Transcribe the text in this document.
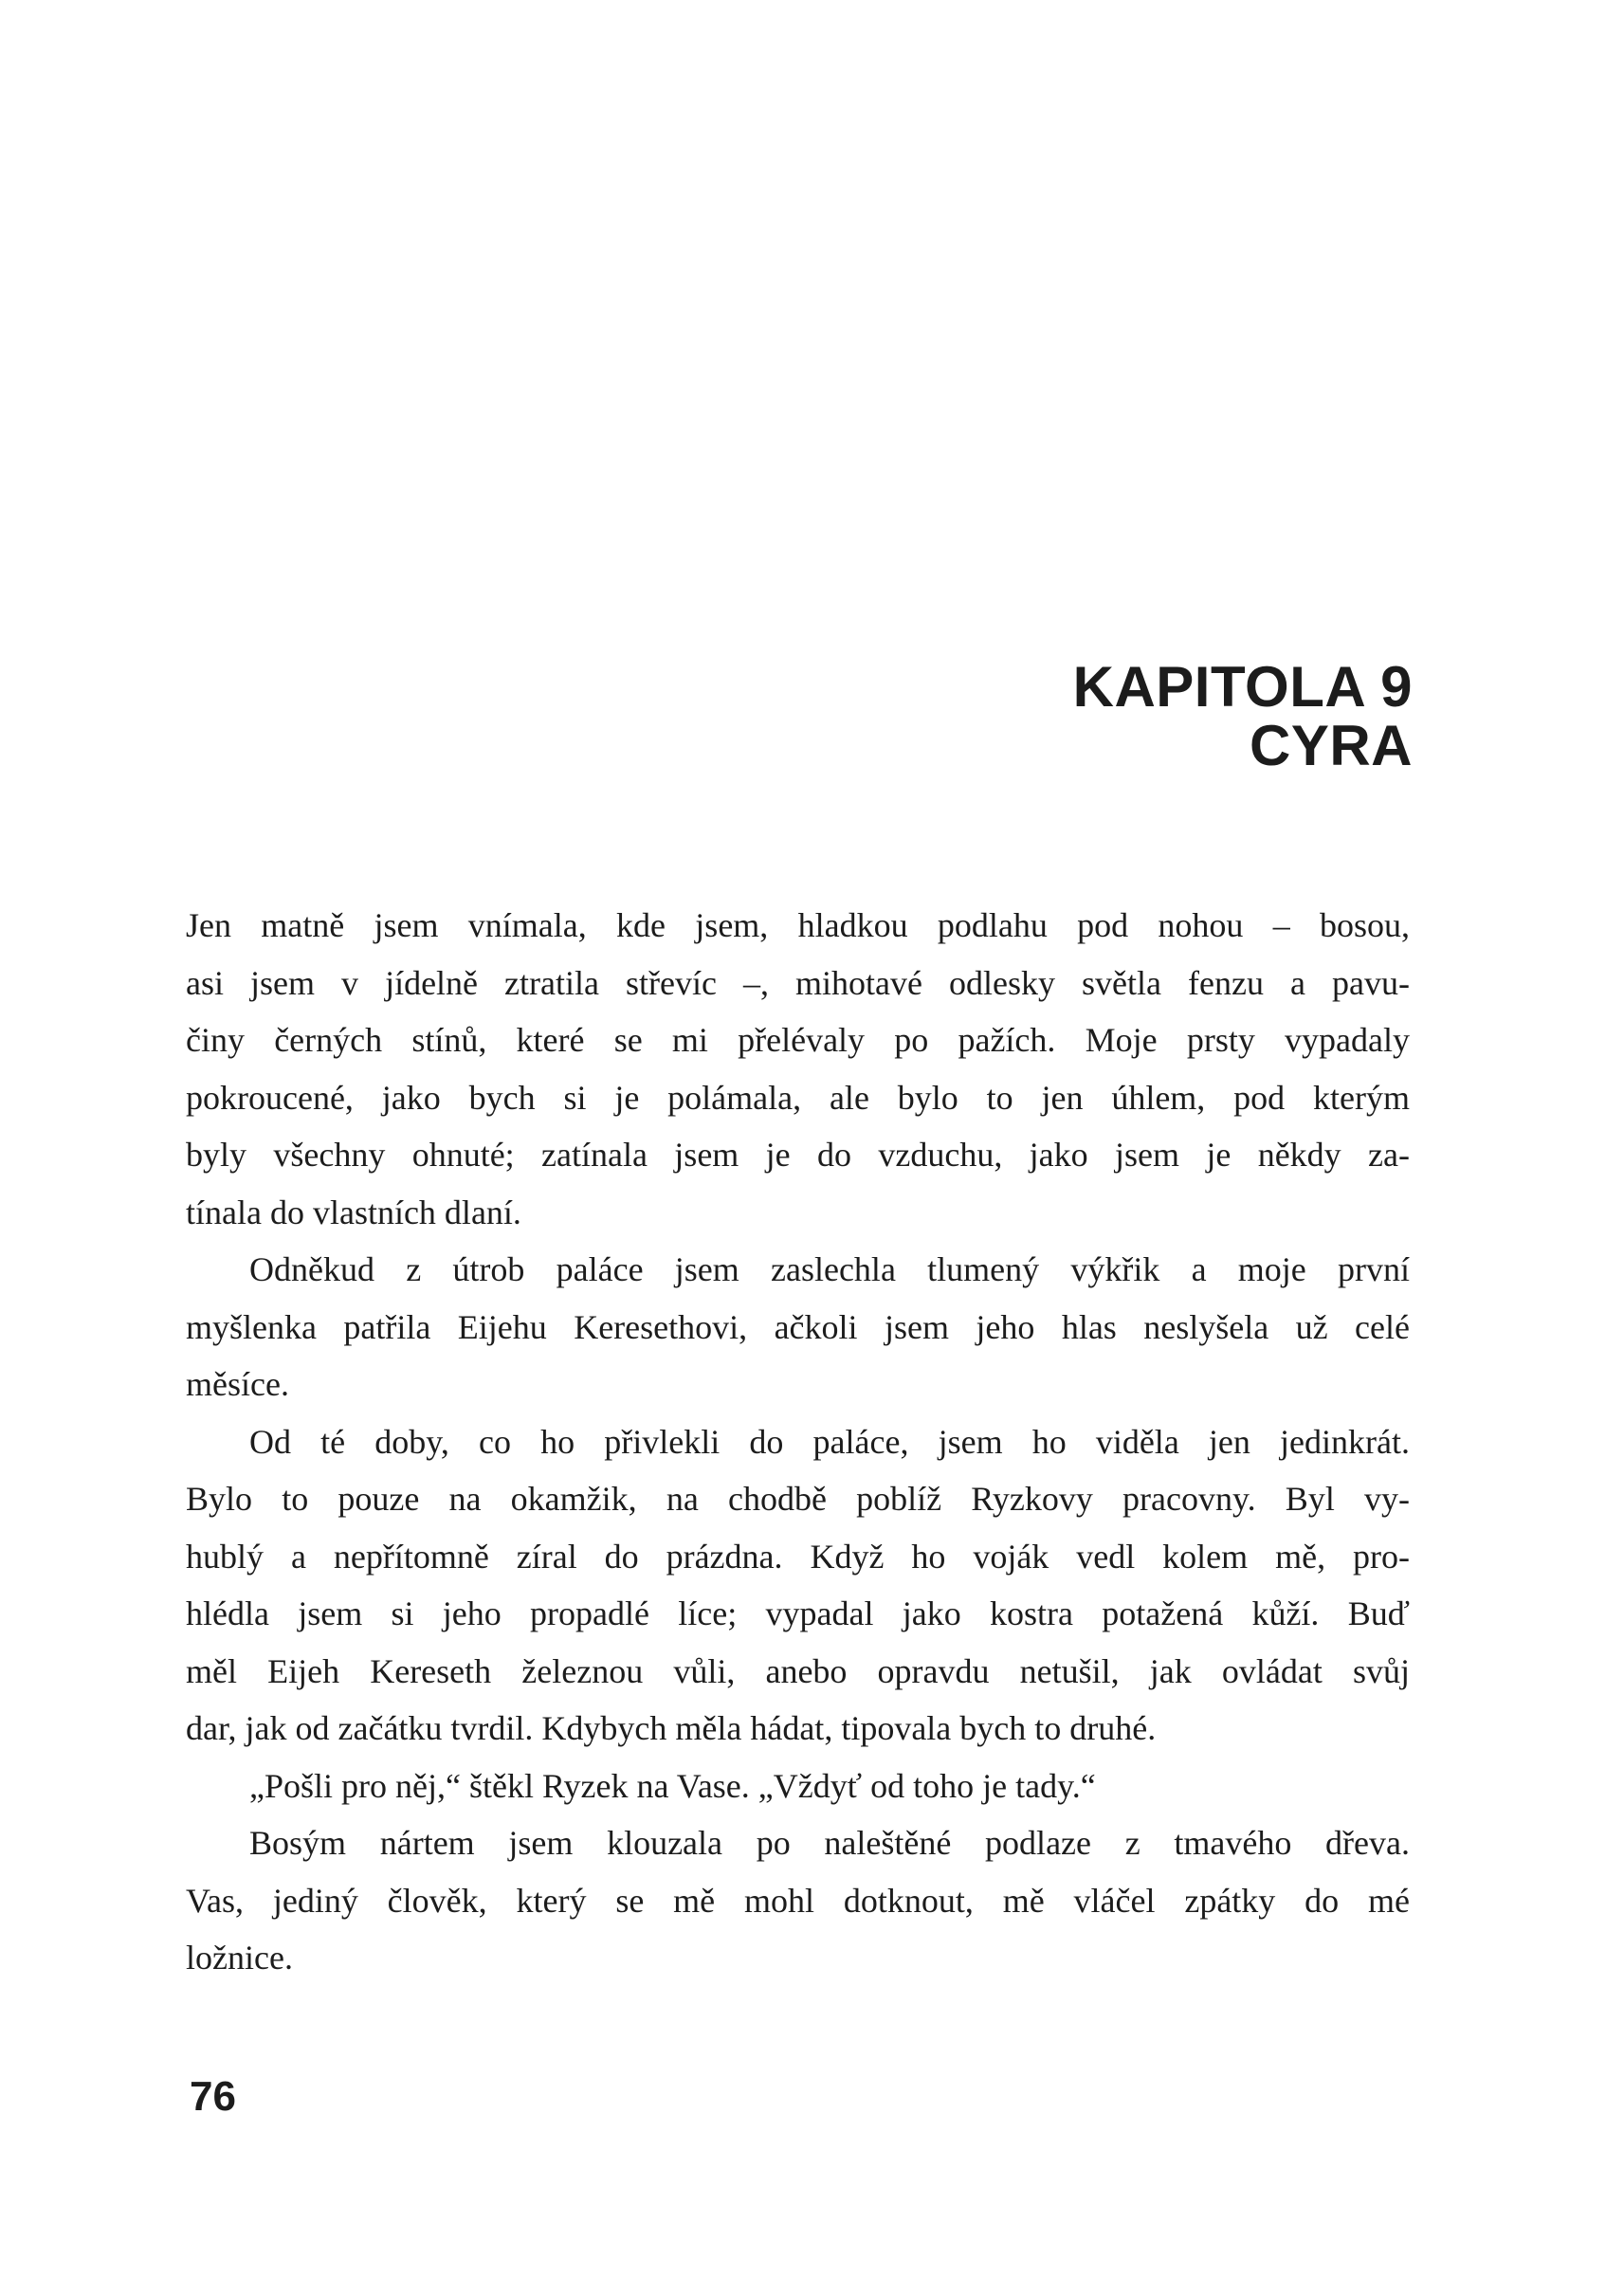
KAPITOLA 9
CYRA
Jen matně jsem vnímala, kde jsem, hladkou podlahu pod nohou – bosou,
asi jsem v jídelně ztratila střevíc –, mihotavé odlesky světla fenzu a pavu-
činy černých stínů, které se mi přelévaly po pažích. Moje prsty vypadaly
pokroucené, jako bych si je polámala, ale bylo to jen úhlem, pod kterým
byly všechny ohnuté; zatínala jsem je do vzduchu, jako jsem je někdy za-
tínala do vlastních dlaní.
Odněkud z útrob paláce jsem zaslechla tlumený výkřik a moje první
myšlenka patřila Eijehu Keresethovi, ačkoli jsem jeho hlas neslyšela už celé
měsíce.
Od té doby, co ho přivlekli do paláce, jsem ho viděla jen jedinkrát.
Bylo to pouze na okamžik, na chodbě poblíž Ryzkovy pracovny. Byl vy-
hublý a nepřítomně zíral do prázdna. Když ho voják vedl kolem mě, pro-
hlédla jsem si jeho propadlé líce; vypadal jako kostra potažená kůží. Buď
měl Eijeh Kereseth železnou vůli, anebo opravdu netušil, jak ovládat svůj
dar, jak od začátku tvrdil. Kdybych měla hádat, tipovala bych to druhé.
„Pošli pro něj,“ štěkl Ryzek na Vase. „Vždyť od toho je tady.“
Bosým nártem jsem klouzala po naleštěné podlaze z tmavého dřeva.
Vas, jediný člověk, který se mě mohl dotknout, mě vláčel zpátky do mé
ložnice.
76
